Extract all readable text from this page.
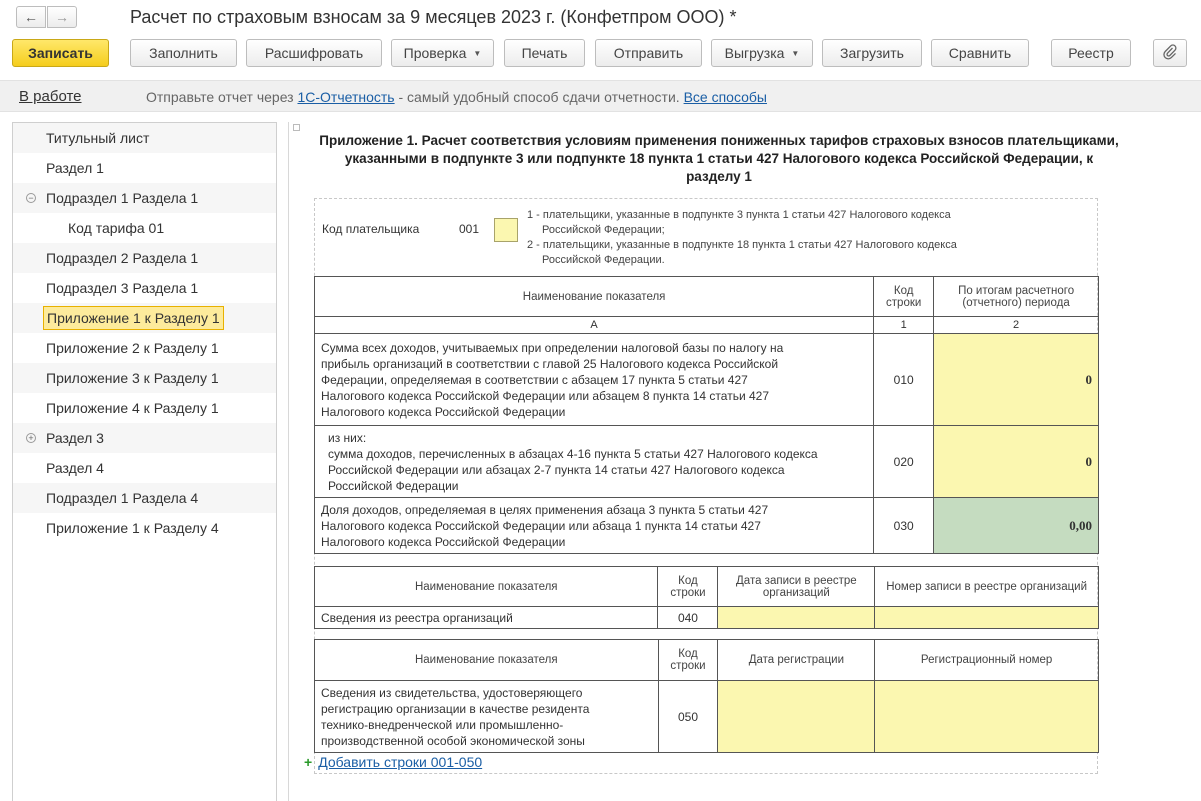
← →	Расчет по страховым взносам за 9 месяцев 2023 г. (Конфетпром ООО) *
Записать	Заполнить	Расшифровать	Проверка ▼	Печать	Отправить	Выгрузка ▼	Загрузить	Сравнить	Реестр
В работе	Отправьте отчет через 1С-Отчетность - самый удобный способ сдачи отчетности. Все способы
Титульный лист
Раздел 1
− Подраздел 1 Раздела 1
Код тарифа 01
Подраздел 2 Раздела 1
Подраздел 3 Раздела 1
Приложение 1 к Разделу 1
Приложение 2 к Разделу 1
Приложение 3 к Разделу 1
Приложение 4 к Разделу 1
+ Раздел 3
Раздел 4
Подраздел 1 Раздела 4
Приложение 1 к Разделу 4
Приложение 1. Расчет соответствия условиям применения пониженных тарифов страховых взносов плательщиками, указанными в подпункте 3 или подпункте 18 пункта 1 статьи 427 Налогового кодекса Российской Федерации, к разделу 1
Код плательщика	001
1 - плательщики, указанные в подпункте 3 пункта 1 статьи 427 Налогового кодекса
Российской Федерации;
2 - плательщики, указанные в подпункте 18 пункта 1 статьи 427 Налогового кодекса
Российской Федерации.
Наименование показателя	Код строки	По итогам расчетного (отчетного) периода
А	1	2
Сумма всех доходов, учитываемых при определении налоговой базы по налогу на прибыль организаций в соответствии с главой 25 Налогового кодекса Российской Федерации, определяемая в соответствии с абзацем 17 пункта 5 статьи 427 Налогового кодекса Российской Федерации или абзацем 8 пункта 14 статьи 427 Налогового кодекса Российской Федерации	010	0

из них:
сумма доходов, перечисленных в абзацах 4-16 пункта 5 статьи 427 Налогового кодекса Российской Федерации или абзацах 2-7 пункта 14 статьи 427 Налогового кодекса Российской Федерации	020	0
Доля доходов, определяемая в целях применения абзаца 3 пункта 5 статьи 427 Налогового кодекса Российской Федерации или абзаца 1 пункта 14 статьи 427 Налогового кодекса Российской Федерации	030	0,00
Наименование показателя	Код строки	Дата записи в реестре организаций	Номер записи в реестре организаций
Сведения из реестра организаций	040		
Наименование показателя	Код строки	Дата регистрации	Регистрационный номер
Сведения из свидетельства, удостоверяющего регистрацию организации в качестве резидента технико-внедренческой или промышленно-производственной особой экономической зоны	050		
+ Добавить строки 001-050
